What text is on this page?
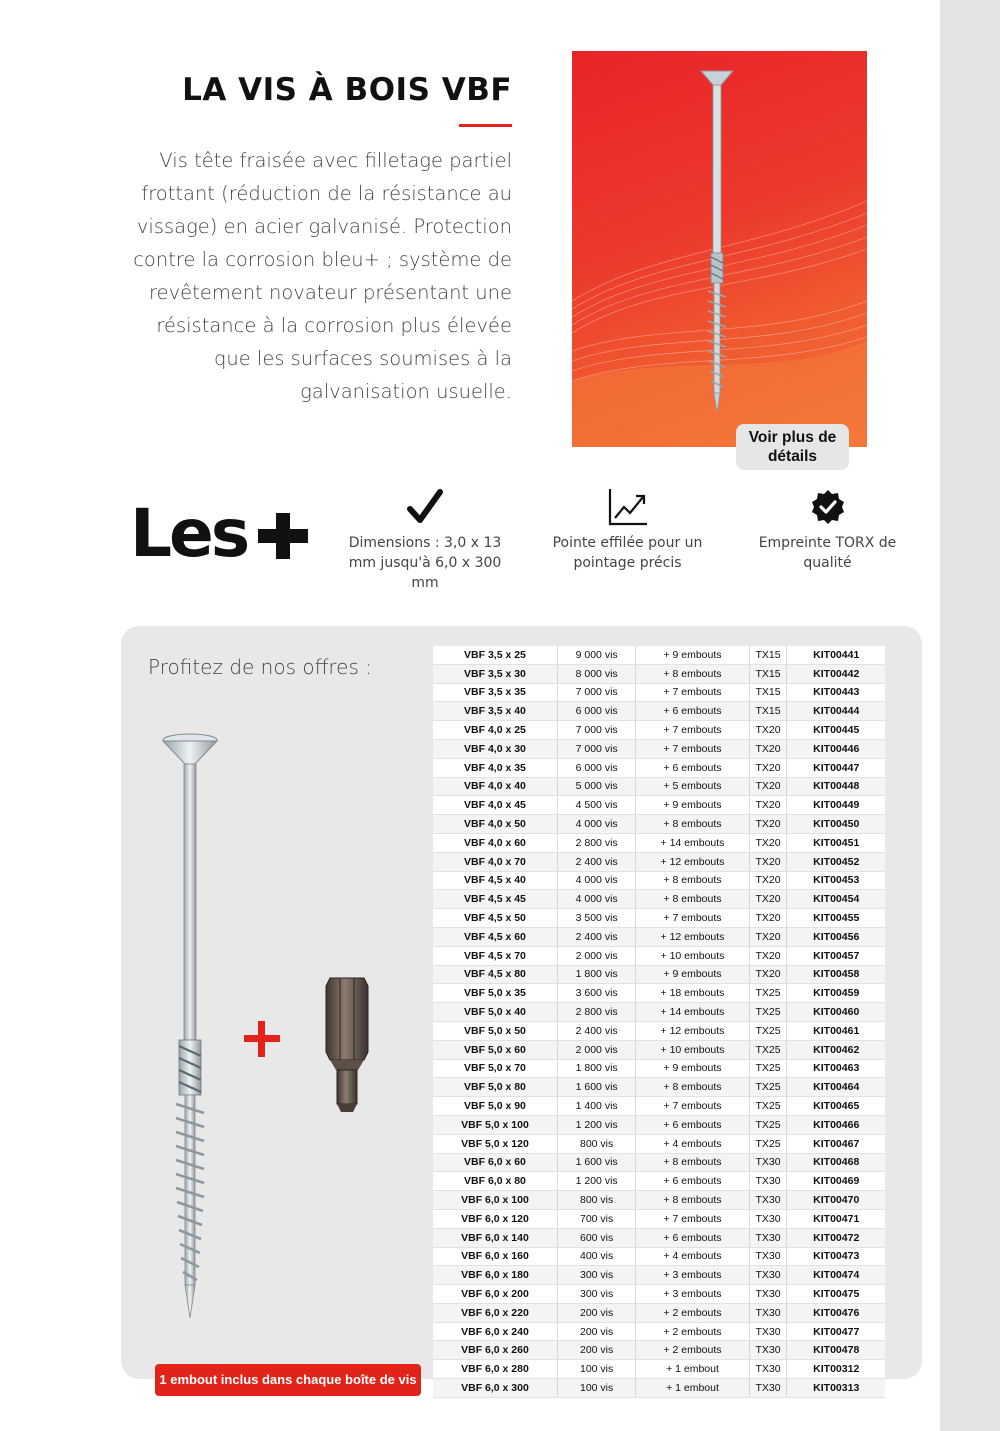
LA VIS À BOIS VBF

Vis tête fraisée avec filletage partiel frottant (réduction de la résistance au vissage) en acier galvanisé. Protection contre la corrosion bleu+ ; système de revêtement novateur présentant une résistance à la corrosion plus élevée que les surfaces soumises à la galvanisation usuelle.

Voir plus de détails
Les	Dimensions : 3,0 x 13 mm jusqu'à 6,0 x 300 mm
Pointe effilée pour un pointage précis
Empreinte TORX de qualité
Profitez de nos offres :
1 embout inclus dans chaque boîte de vis
VBF 3,5 x 25	9 000 vis	+ 9 embouts	TX15	KIT00441
VBF 3,5 x 30	8 000 vis	+ 8 embouts	TX15	KIT00442
VBF 3,5 x 35	7 000 vis	+ 7 embouts	TX15	KIT00443
VBF 3,5 x 40	6 000 vis	+ 6 embouts	TX15	KIT00444
VBF 4,0 x 25	7 000 vis	+ 7 embouts	TX20	KIT00445
VBF 4,0 x 30	7 000 vis	+ 7 embouts	TX20	KIT00446
VBF 4,0 x 35	6 000 vis	+ 6 embouts	TX20	KIT00447
VBF 4,0 x 40	5 000 vis	+ 5 embouts	TX20	KIT00448
VBF 4,0 x 45	4 500 vis	+ 9 embouts	TX20	KIT00449
VBF 4,0 x 50	4 000 vis	+ 8 embouts	TX20	KIT00450
VBF 4,0 x 60	2 800 vis	+ 14 embouts	TX20	KIT00451
VBF 4,0 x 70	2 400 vis	+ 12 embouts	TX20	KIT00452
VBF 4,5 x 40	4 000 vis	+ 8 embouts	TX20	KIT00453
VBF 4,5 x 45	4 000 vis	+ 8 embouts	TX20	KIT00454
VBF 4,5 x 50	3 500 vis	+ 7 embouts	TX20	KIT00455
VBF 4,5 x 60	2 400 vis	+ 12 embouts	TX20	KIT00456
VBF 4,5 x 70	2 000 vis	+ 10 embouts	TX20	KIT00457
VBF 4,5 x 80	1 800 vis	+ 9 embouts	TX20	KIT00458
VBF 5,0 x 35	3 600 vis	+ 18 embouts	TX25	KIT00459
VBF 5,0 x 40	2 800 vis	+ 14 embouts	TX25	KIT00460
VBF 5,0 x 50	2 400 vis	+ 12 embouts	TX25	KIT00461
VBF 5,0 x 60	2 000 vis	+ 10 embouts	TX25	KIT00462
VBF 5,0 x 70	1 800 vis	+ 9 embouts	TX25	KIT00463
VBF 5,0 x 80	1 600 vis	+ 8 embouts	TX25	KIT00464
VBF 5,0 x 90	1 400 vis	+ 7 embouts	TX25	KIT00465
VBF 5,0 x 100	1 200 vis	+ 6 embouts	TX25	KIT00466
VBF 5,0 x 120	800 vis	+ 4 embouts	TX25	KIT00467
VBF 6,0 x 60	1 600 vis	+ 8 embouts	TX30	KIT00468
VBF 6,0 x 80	1 200 vis	+ 6 embouts	TX30	KIT00469
VBF 6,0 x 100	800 vis	+ 8 embouts	TX30	KIT00470
VBF 6,0 x 120	700 vis	+ 7 embouts	TX30	KIT00471
VBF 6,0 x 140	600 vis	+ 6 embouts	TX30	KIT00472
VBF 6,0 x 160	400 vis	+ 4 embouts	TX30	KIT00473
VBF 6,0 x 180	300 vis	+ 3 embouts	TX30	KIT00474
VBF 6,0 x 200	300 vis	+ 3 embouts	TX30	KIT00475
VBF 6,0 x 220	200 vis	+ 2 embouts	TX30	KIT00476
VBF 6,0 x 240	200 vis	+ 2 embouts	TX30	KIT00477
VBF 6,0 x 260	200 vis	+ 2 embouts	TX30	KIT00478
VBF 6,0 x 280	100 vis	+ 1 embout	TX30	KIT00312
VBF 6,0 x 300	100 vis	+ 1 embout	TX30	KIT00313
